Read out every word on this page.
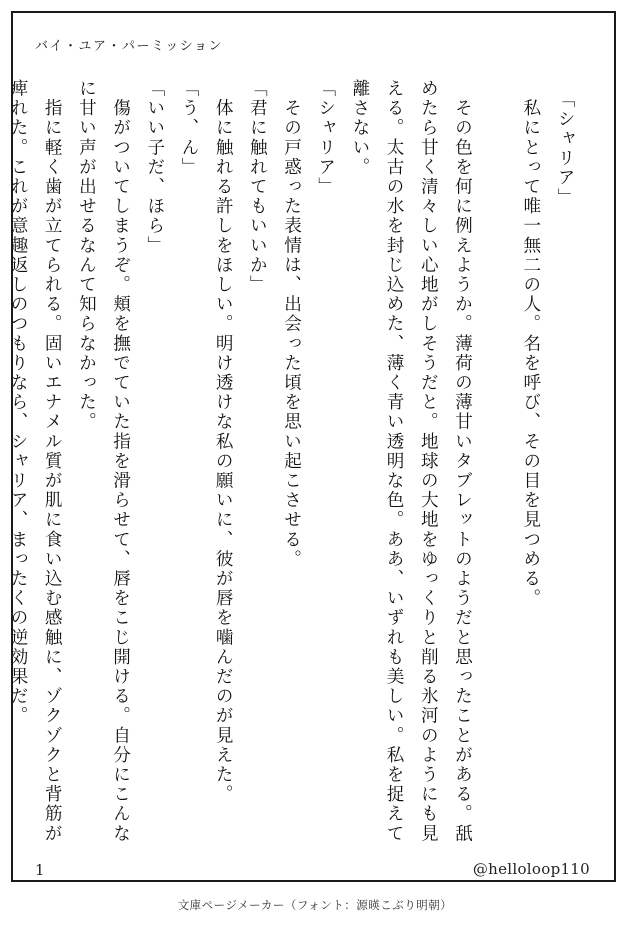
バイ・ユア・パーミッション
　「シャリア」
　私にとって唯一無二の人。名を呼び、その目を見つめる。
　その色を何に例えようか。薄荷の薄甘いタブレットのようだと思ったことがある。舐
めたら甘く清々しい心地がしそうだと。地球の大地をゆっくりと削る氷河のようにも見
える。太古の水を封じ込めた、薄く青い透明な色。ああ、いずれも美しい。私を捉えて
離さない。
「シャリア」
　その戸惑った表情は、出会った頃を思い起こさせる。
「君に触れてもいいか」
　体に触れる許しをほしい。明け透けな私の願いに、彼が唇を噛んだのが見えた。
「う、ん」
「いい子だ、ほら」
　傷がついてしまうぞ。頬を撫でていた指を滑らせて、唇をこじ開ける。自分にこんな
に甘い声が出せるなんて知らなかった。
　指に軽く歯が立てられる。固いエナメル質が肌に食い込む感触に、ゾクゾクと背筋が
痺れた。これが意趣返しのつもりなら、シャリア、まったくの逆効果だ。
1	@helloloop110
文庫ページメーカー（フォント：源暎こぶり明朝）
